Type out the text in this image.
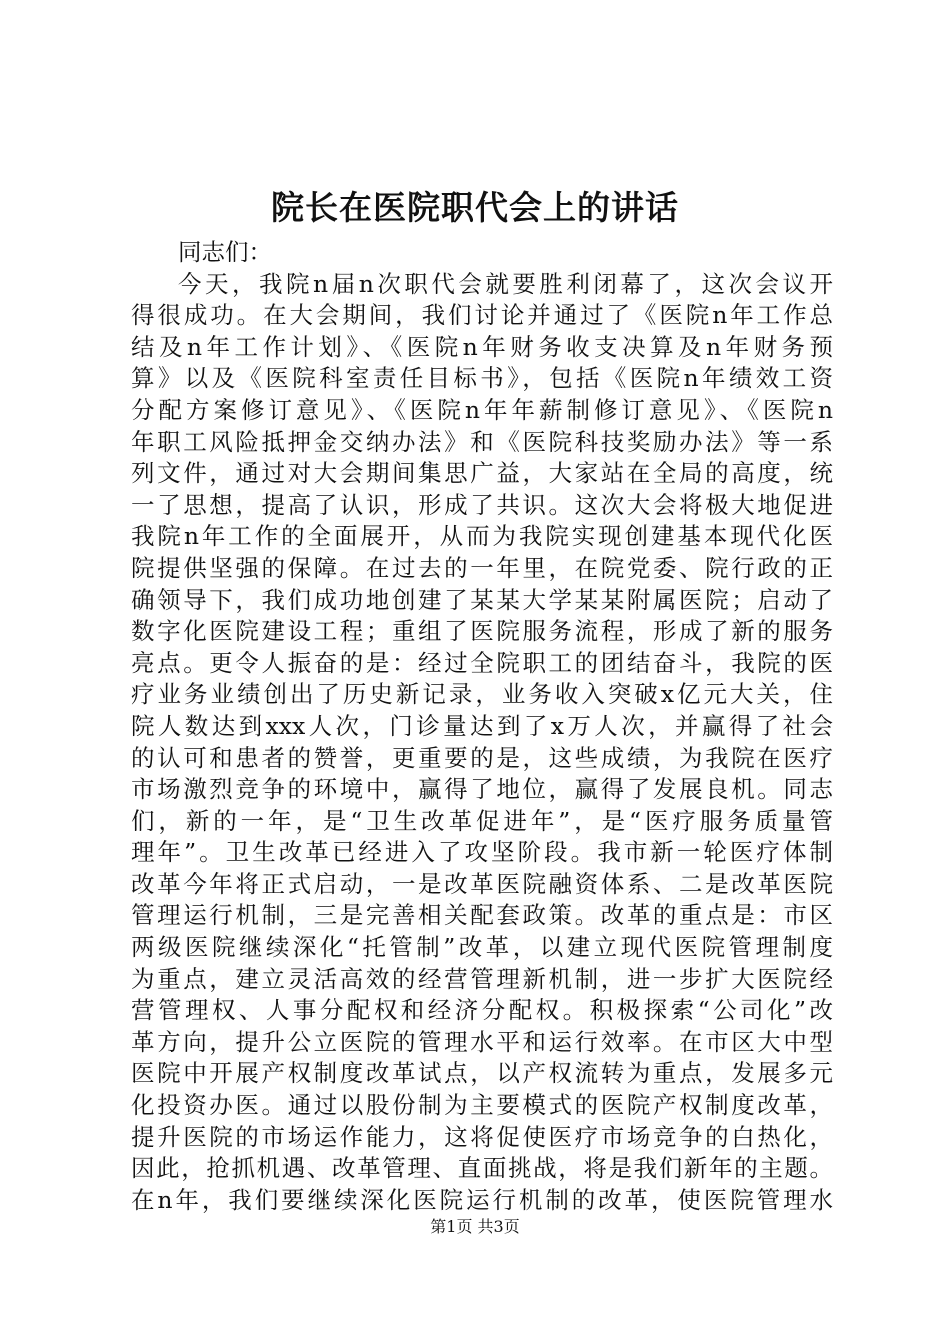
院长在医院职代会上的讲话
同志们：
今天，我院n届n次职代会就要胜利闭幕了，这次会议开
得很成功。在大会期间，我们讨论并通过了《医院n年工作总
结及n年工作计划》、《医院n年财务收支决算及n年财务预
算》以及《医院科室责任目标书》，包括《医院n年绩效工资
分配方案修订意见》、《医院n年年薪制修订意见》、《医院n
年职工风险抵押金交纳办法》和《医院科技奖励办法》等一系
列文件，通过对大会期间集思广益，大家站在全局的高度，统
一了思想，提高了认识，形成了共识。这次大会将极大地促进
我院n年工作的全面展开，从而为我院实现创建基本现代化医
院提供坚强的保障。在过去的一年里，在院党委、院行政的正
确领导下，我们成功地创建了某某大学某某附属医院；启动了
数字化医院建设工程；重组了医院服务流程，形成了新的服务
亮点。更令人振奋的是：经过全院职工的团结奋斗，我院的医
疗业务业绩创出了历史新记录，业务收入突破x亿元大关，住
院人数达到xxx人次，门诊量达到了x万人次，并赢得了社会
的认可和患者的赞誉，更重要的是，这些成绩，为我院在医疗
市场激烈竞争的环境中，赢得了地位，赢得了发展良机。同志
们，新的一年，是“卫生改革促进年”，是“医疗服务质量管
理年”。卫生改革已经进入了攻坚阶段。我市新一轮医疗体制
改革今年将正式启动，一是改革医院融资体系、二是改革医院
管理运行机制，三是完善相关配套政策。改革的重点是：市区
两级医院继续深化“托管制”改革，以建立现代医院管理制度
为重点，建立灵活高效的经营管理新机制，进一步扩大医院经
营管理权、人事分配权和经济分配权。积极探索“公司化”改
革方向，提升公立医院的管理水平和运行效率。在市区大中型
医院中开展产权制度改革试点，以产权流转为重点，发展多元
化投资办医。通过以股份制为主要模式的医院产权制度改革，
提升医院的市场运作能力，这将促使医疗市场竞争的白热化，
因此，抢抓机遇、改革管理、直面挑战，将是我们新年的主题。
在n年，我们要继续深化医院运行机制的改革，使医院管理水
第1页 共3页
